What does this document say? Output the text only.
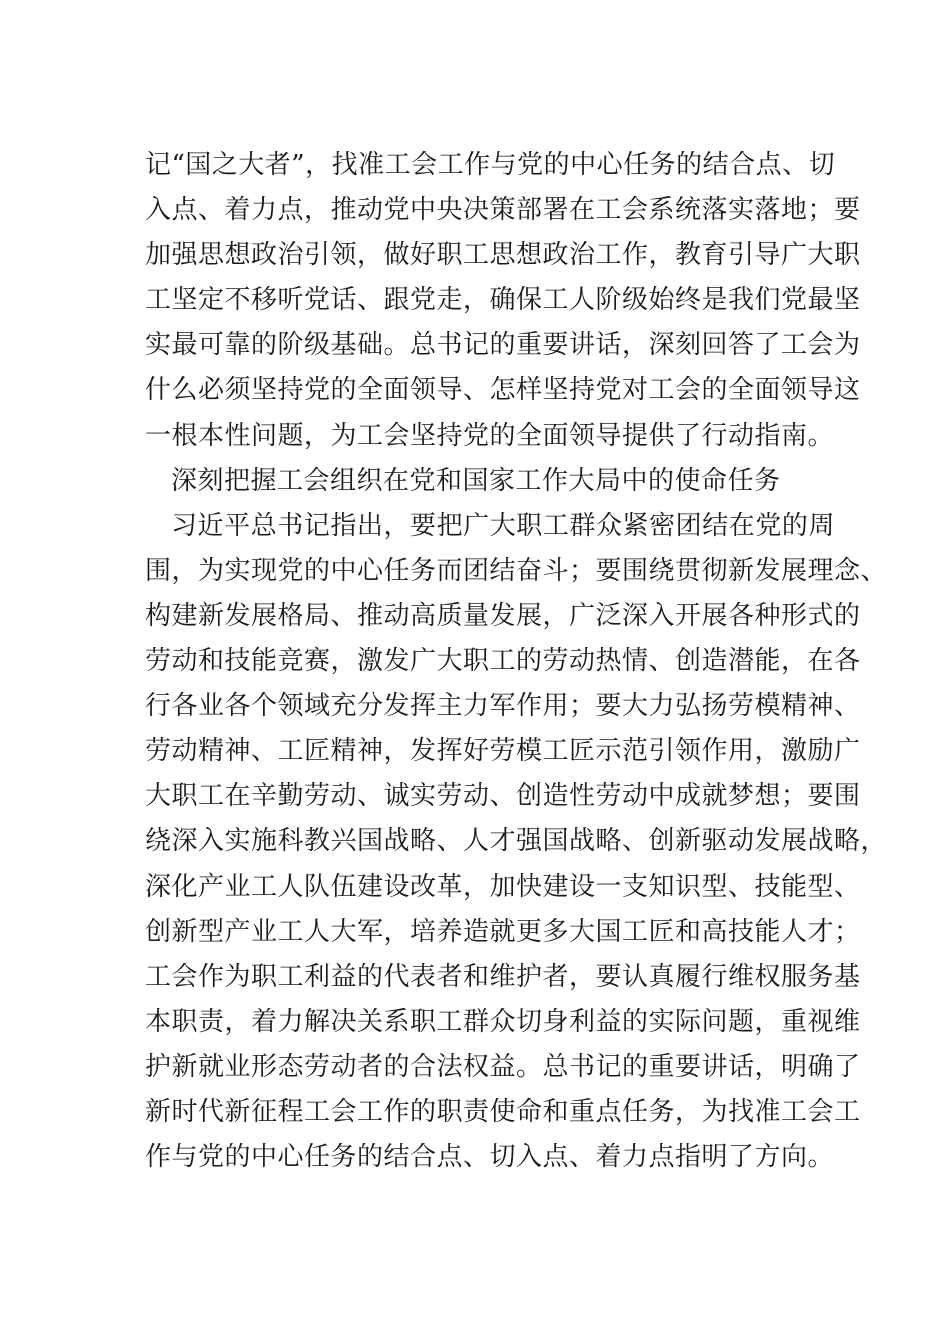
记“国之大者”，找准工会工作与党的中心任务的结合点、切
入点、着力点，推动党中央决策部署在工会系统落实落地；要
加强思想政治引领，做好职工思想政治工作，教育引导广大职
工坚定不移听党话、跟党走，确保工人阶级始终是我们党最坚
实最可靠的阶级基础。总书记的重要讲话，深刻回答了工会为
什么必须坚持党的全面领导、怎样坚持党对工会的全面领导这
一根本性问题，为工会坚持党的全面领导提供了行动指南。
深刻把握工会组织在党和国家工作大局中的使命任务
习近平总书记指出，要把广大职工群众紧密团结在党的周
围，为实现党的中心任务而团结奋斗；要围绕贯彻新发展理念、
构建新发展格局、推动高质量发展，广泛深入开展各种形式的
劳动和技能竞赛，激发广大职工的劳动热情、创造潜能，在各
行各业各个领域充分发挥主力军作用；要大力弘扬劳模精神、
劳动精神、工匠精神，发挥好劳模工匠示范引领作用，激励广
大职工在辛勤劳动、诚实劳动、创造性劳动中成就梦想；要围
绕深入实施科教兴国战略、人才强国战略、创新驱动发展战略，
深化产业工人队伍建设改革，加快建设一支知识型、技能型、
创新型产业工人大军，培养造就更多大国工匠和高技能人才；
工会作为职工利益的代表者和维护者，要认真履行维权服务基
本职责，着力解决关系职工群众切身利益的实际问题，重视维
护新就业形态劳动者的合法权益。总书记的重要讲话，明确了
新时代新征程工会工作的职责使命和重点任务，为找准工会工
作与党的中心任务的结合点、切入点、着力点指明了方向。
